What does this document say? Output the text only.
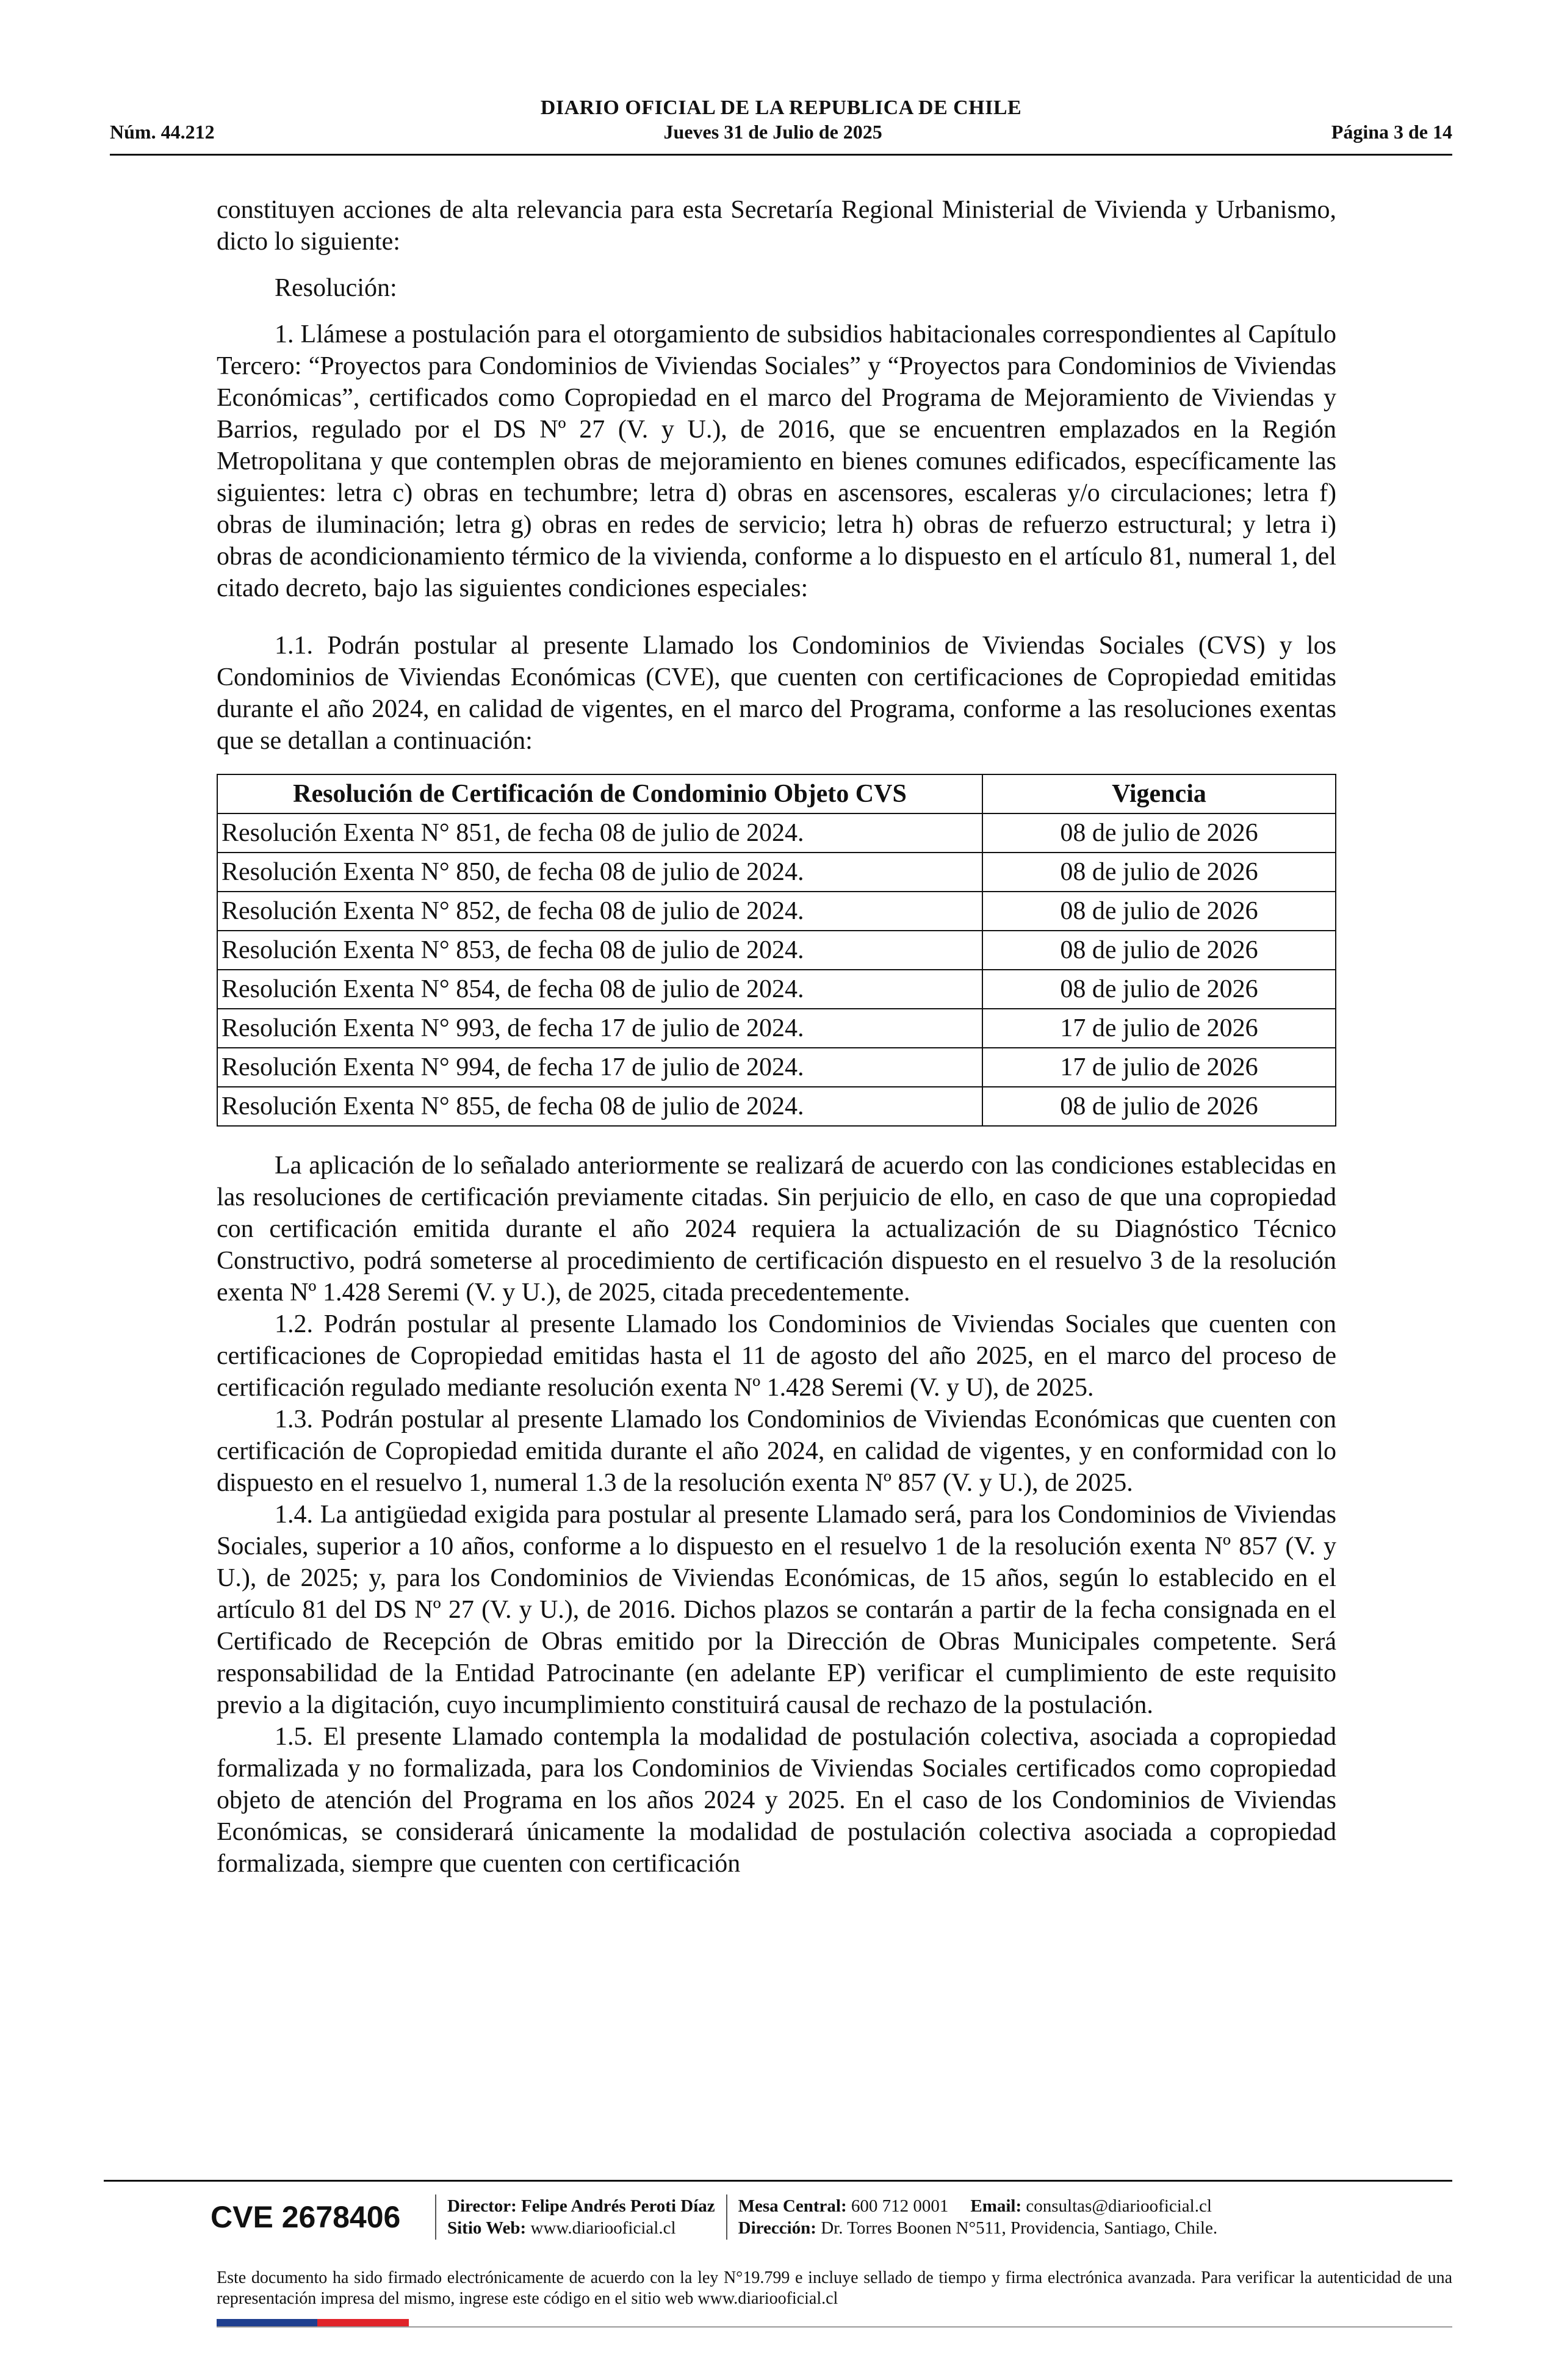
DIARIO OFICIAL DE LA REPUBLICA DE CHILE
Núm. 44.212	Jueves 31 de Julio de 2025	Página 3 de 14

constituyen acciones de alta relevancia para esta Secretaría Regional Ministerial de Vivienda y Urbanismo, dicto lo siguiente:

Resolución:

1. Llámese a postulación para el otorgamiento de subsidios habitacionales correspondientes al Capítulo Tercero: “Proyectos para Condominios de Viviendas Sociales” y “Proyectos para Condominios de Viviendas Económicas”, certificados como Copropiedad en el marco del Programa de Mejoramiento de Viviendas y Barrios, regulado por el DS Nº 27 (V. y U.), de 2016, que se encuentren emplazados en la Región Metropolitana y que contemplen obras de mejoramiento en bienes comunes edificados, específicamente las siguientes: letra c) obras en techumbre; letra d) obras en ascensores, escaleras y/o circulaciones; letra f) obras de iluminación; letra g) obras en redes de servicio; letra h) obras de refuerzo estructural; y letra i) obras de acondicionamiento térmico de la vivienda, conforme a lo dispuesto en el artículo 81, numeral 1, del citado decreto, bajo las siguientes condiciones especiales:

1.1. Podrán postular al presente Llamado los Condominios de Viviendas Sociales (CVS) y los Condominios de Viviendas Económicas (CVE), que cuenten con certificaciones de Copropiedad emitidas durante el año 2024, en calidad de vigentes, en el marco del Programa, conforme a las resoluciones exentas que se detallan a continuación:

Resolución de Certificación de Condominio Objeto CVS	Vigencia
Resolución Exenta N° 851, de fecha 08 de julio de 2024.	08 de julio de 2026
Resolución Exenta N° 850, de fecha 08 de julio de 2024.	08 de julio de 2026
Resolución Exenta N° 852, de fecha 08 de julio de 2024.	08 de julio de 2026
Resolución Exenta N° 853, de fecha 08 de julio de 2024.	08 de julio de 2026
Resolución Exenta N° 854, de fecha 08 de julio de 2024.	08 de julio de 2026
Resolución Exenta N° 993, de fecha 17 de julio de 2024.	17 de julio de 2026
Resolución Exenta N° 994, de fecha 17 de julio de 2024.	17 de julio de 2026
Resolución Exenta N° 855, de fecha 08 de julio de 2024.	08 de julio de 2026

La aplicación de lo señalado anteriormente se realizará de acuerdo con las condiciones establecidas en las resoluciones de certificación previamente citadas. Sin perjuicio de ello, en caso de que una copropiedad con certificación emitida durante el año 2024 requiera la actualización de su Diagnóstico Técnico Constructivo, podrá someterse al procedimiento de certificación dispuesto en el resuelvo 3 de la resolución exenta Nº 1.428 Seremi (V. y U.), de 2025, citada precedentemente.

1.2. Podrán postular al presente Llamado los Condominios de Viviendas Sociales que cuenten con certificaciones de Copropiedad emitidas hasta el 11 de agosto del año 2025, en el marco del proceso de certificación regulado mediante resolución exenta Nº 1.428 Seremi (V. y U), de 2025.

1.3. Podrán postular al presente Llamado los Condominios de Viviendas Económicas que cuenten con certificación de Copropiedad emitida durante el año 2024, en calidad de vigentes, y en conformidad con lo dispuesto en el resuelvo 1, numeral 1.3 de la resolución exenta Nº 857 (V. y U.), de 2025.

1.4. La antigüedad exigida para postular al presente Llamado será, para los Condominios de Viviendas Sociales, superior a 10 años, conforme a lo dispuesto en el resuelvo 1 de la resolución exenta Nº 857 (V. y U.), de 2025; y, para los Condominios de Viviendas Económicas, de 15 años, según lo establecido en el artículo 81 del DS Nº 27 (V. y U.), de 2016. Dichos plazos se contarán a partir de la fecha consignada en el Certificado de Recepción de Obras emitido por la Dirección de Obras Municipales competente. Será responsabilidad de la Entidad Patrocinante (en adelante EP) verificar el cumplimiento de este requisito previo a la digitación, cuyo incumplimiento constituirá causal de rechazo de la postulación.

1.5. El presente Llamado contempla la modalidad de postulación colectiva, asociada a copropiedad formalizada y no formalizada, para los Condominios de Viviendas Sociales certificados como copropiedad objeto de atención del Programa en los años 2024 y 2025. En el caso de los Condominios de Viviendas Económicas, se considerará únicamente la modalidad de postulación colectiva asociada a copropiedad formalizada, siempre que cuenten con certificación

CVE 2678406	Director: Felipe Andrés Peroti Díaz
Sitio Web: www.diariooficial.cl
Mesa Central: 600 712 0001 Email: consultas@diariooficial.cl
Dirección: Dr. Torres Boonen N°511, Providencia, Santiago, Chile.
Este documento ha sido firmado electrónicamente de acuerdo con la ley N°19.799 e incluye sellado de tiempo y firma electrónica avanzada. Para verificar la autenticidad de una representación impresa del mismo, ingrese este código en el sitio web www.diariooficial.cl
